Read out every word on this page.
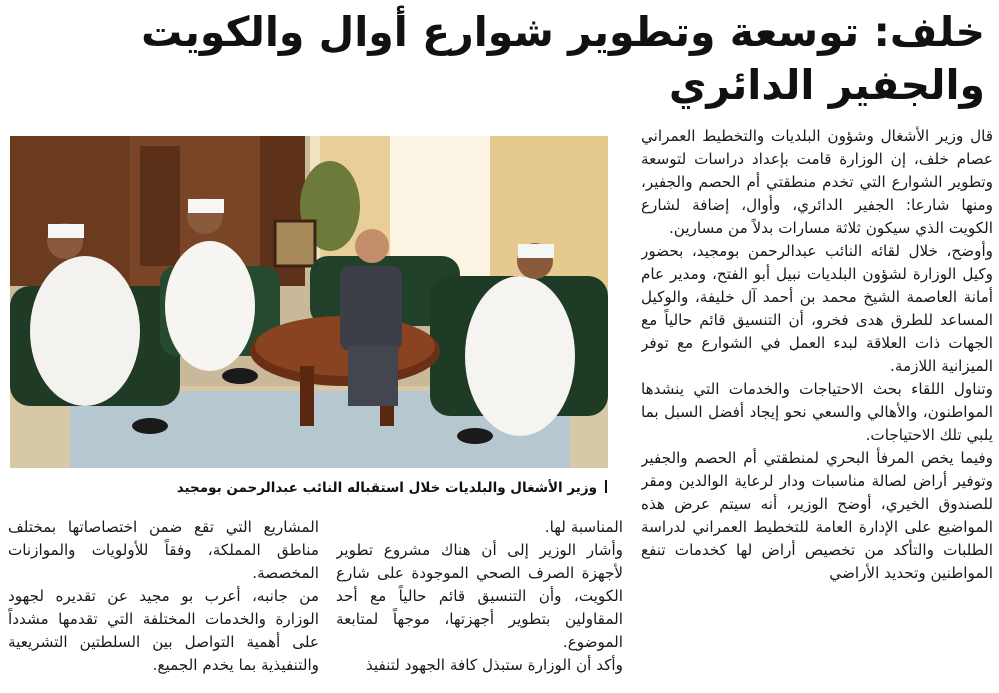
خلف: توسعة وتطوير شوارع أوال والكويت والجفير الدائري

قال وزير الأشغال وشؤون البلديات والتخطيط العمراني عصام خلف، إن الوزارة قامت بإعداد دراسات لتوسعة وتطوير الشوارع التي تخدم منطقتي أم الحصم والجفير، ومنها شارعا: الجفير الدائري، وأوال، إضافة لشارع الكويت الذي سيكون ثلاثة مسارات بدلاً من مسارين.

وأوضح، خلال لقائه النائب عبدالرحمن بومجيد، بحضور وكيل الوزارة لشؤون البلديات نبيل أبو الفتح، ومدير عام أمانة العاصمة الشيخ محمد بن أحمد آل خليفة، والوكيل المساعد للطرق هدى فخرو، أن التنسيق قائم حالياً مع الجهات ذات العلاقة لبدء العمل في الشوارع مع توفر الميزانية اللازمة.

وتناول اللقاء بحث الاحتياجات والخدمات التي ينشدها المواطنون، والأهالي والسعي نحو إيجاد أفضل السبل بما يلبي تلك الاحتياجات.

وفيما يخص المرفأ البحري لمنطقتي أم الحصم والجفير وتوفير أراض لصالة مناسبات ودار لرعاية الوالدين ومقر للصندوق الخيري، أوضح الوزير، أنه سيتم عرض هذه المواضيع على الإدارة العامة للتخطيط العمراني لدراسة الطلبات والتأكد من تخصيص أراض لها كخدمات تنفع المواطنين وتحديد الأراضي

وزير الأشغال والبلديات خلال استقباله النائب عبدالرحمن بومجيد

المناسبة لها.

وأشار الوزير إلى أن هناك مشروع تطوير لأجهزة الصرف الصحي الموجودة على شارع الكويت، وأن التنسيق قائم حالياً مع أحد المقاولين بتطوير أجهزتها، موجهاً لمتابعة الموضوع.

وأكد أن الوزارة ستبذل كافة الجهود لتنفيذ

المشاريع التي تقع ضمن اختصاصاتها بمختلف مناطق المملكة، وفقاً للأولويات والموازنات المخصصة.

من جانبه، أعرب بو مجيد عن تقديره لجهود الوزارة والخدمات المختلفة التي تقدمها مشدداً على أهمية التواصل بين السلطتين التشريعية والتنفيذية بما يخدم الجميع.
